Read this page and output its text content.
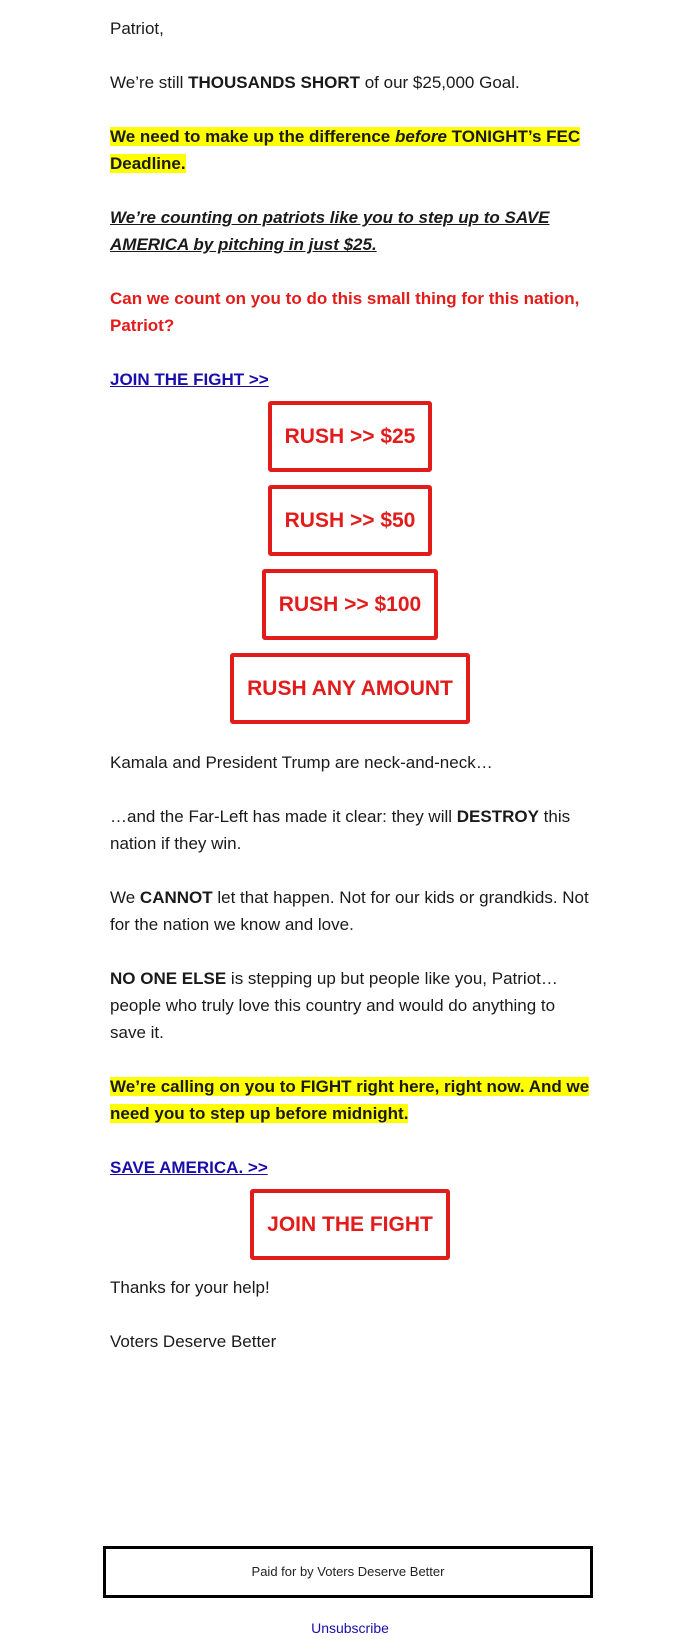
Patriot,

We’re still THOUSANDS SHORT of our $25,000 Goal.

We need to make up the difference before TONIGHT’s FEC Deadline.

We’re counting on patriots like you to step up to SAVE AMERICA by pitching in just $25.

Can we count on you to do this small thing for this nation, Patriot?

JOIN THE FIGHT >>

RUSH >> $25
RUSH >> $50
RUSH >> $100
RUSH ANY AMOUNT

Kamala and President Trump are neck-and-neck…

…and the Far-Left has made it clear: they will DESTROY this nation if they win.

We CANNOT let that happen. Not for our kids or grandkids. Not for the nation we know and love.

NO ONE ELSE is stepping up but people like you, Patriot… people who truly love this country and would do anything to save it.

We’re calling on you to FIGHT right here, right now. And we need you to step up before midnight.

SAVE AMERICA. >>

JOIN THE FIGHT

Thanks for your help!

Voters Deserve Better

Paid for by Voters Deserve Better
Unsubscribe
